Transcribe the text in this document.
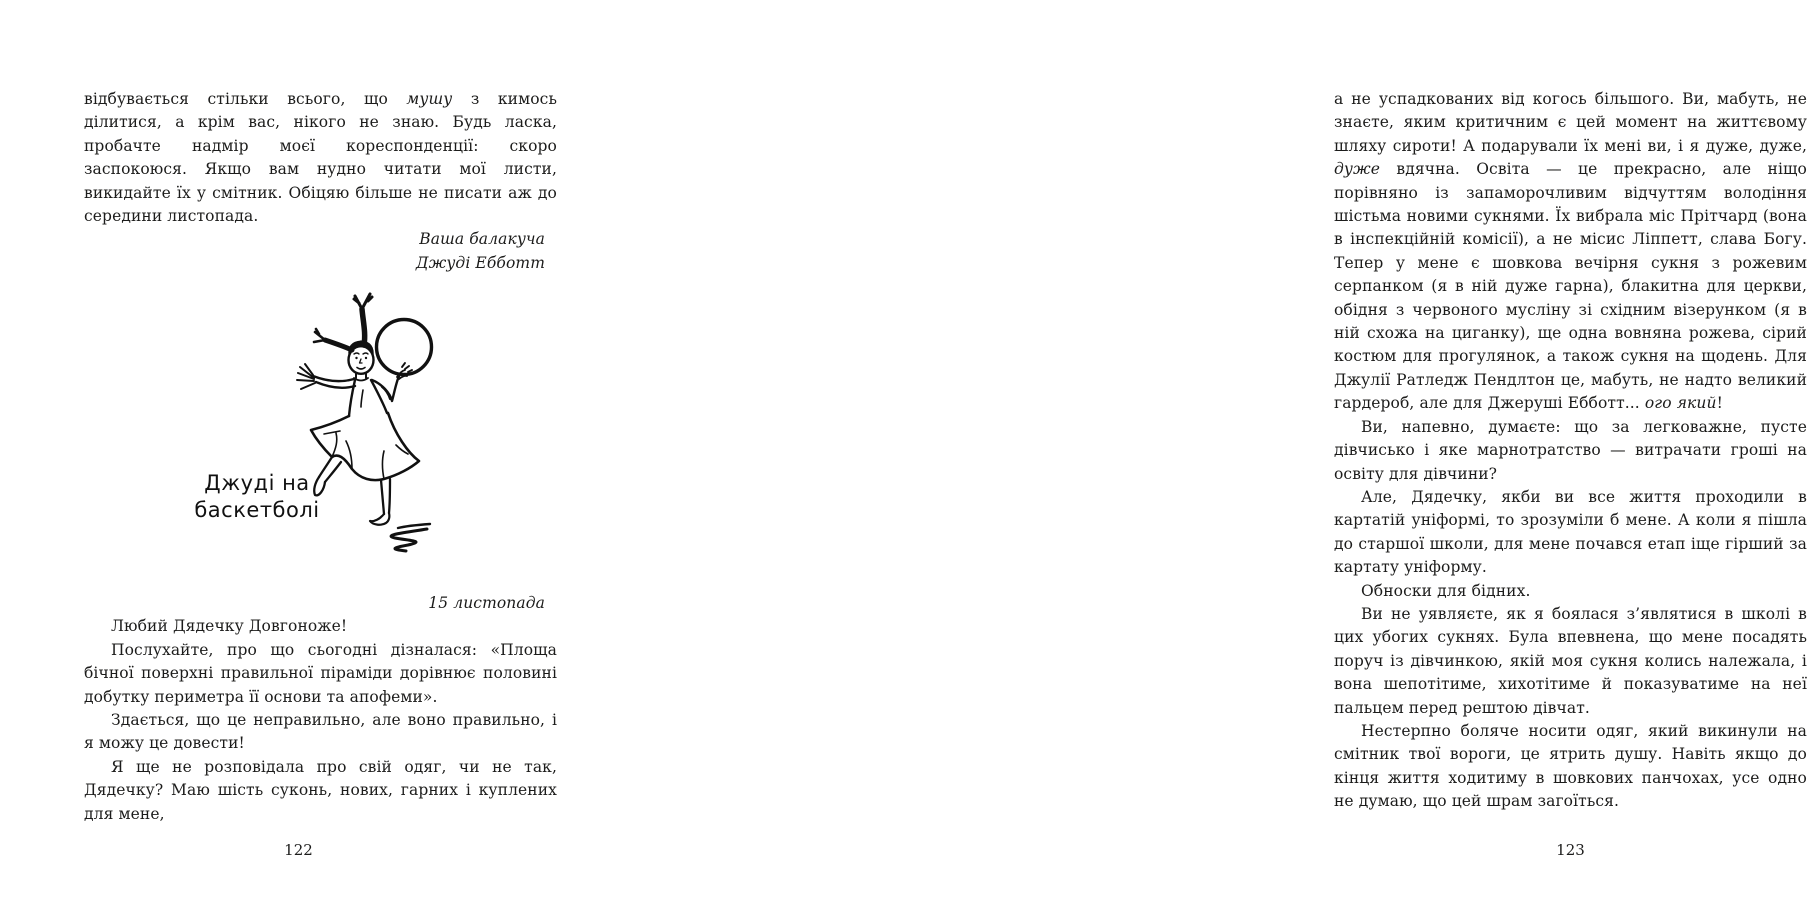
відбувається стільки всього, що мушу з кимось ділитися, а крім вас, нікого не знаю. Будь ласка, пробачте надмір моєї кореспонденції: скоро заспокоюся. Якщо вам нудно читати мої листи, викидайте їх у смітник. Обіцяю більше не писати аж до середини листопада.

Ваша балакуча

Джуді Ебботт

Джуді на
баскетболі

15 листопада

Любий Дядечку Довгоноже!

Послухайте, про що сьогодні дізналася: «Площа бічної поверхні правильної піраміди дорівнює половині добутку периметра її основи та апофеми».

Здається, що це неправильно, але воно правильно, і я можу це довести!

Я ще не розповідала про свій одяг, чи не так, Дядечку? Маю шість суконь, нових, гарних і куплених для мене,

122

а не успадкованих від когось більшого. Ви, мабуть, не знаєте, яким критичним є цей момент на життєвому шляху сироти! А подарували їх мені ви, і я дуже, дуже, дуже вдячна. Освіта — це прекрасно, але ніщо порівняно із запаморочливим відчуттям володіння шістьма новими сукнями. Їх вибрала міс Прітчард (вона в інспекційній комісії), а не місис Ліппетт, слава Богу. Тепер у мене є шовкова вечірня сукня з рожевим серпанком (я в ній дуже гарна), блакитна для церкви, обідня з червоного мусліну зі східним візерунком (я в ній схожа на циганку), ще одна вовняна рожева, сірий костюм для прогулянок, а також сукня на щодень. Для Джулії Ратледж Пендлтон це, мабуть, не надто великий гардероб, але для Джеруші Ебботт... ого який!

Ви, напевно, думаєте: що за легковажне, пусте дівчисько і яке марнотратство — витрачати гроші на освіту для дівчини?

Але, Дядечку, якби ви все життя проходили в картатій уніформі, то зрозуміли б мене. А коли я пішла до старшої школи, для мене почався етап іще гірший за картату уніформу.

Обноски для бідних.

Ви не уявляєте, як я боялася з’являтися в школі в цих убогих сукнях. Була впевнена, що мене посадять поруч із дівчинкою, якій моя сукня колись належала, і вона шепотітиме, хихотітиме й показуватиме на неї пальцем перед рештою дівчат.

Нестерпно боляче носити одяг, який викинули на смітник твої вороги, це ятрить душу. Навіть якщо до кінця життя ходитиму в шовкових панчохах, усе одно не думаю, що цей шрам загоїться.

123
